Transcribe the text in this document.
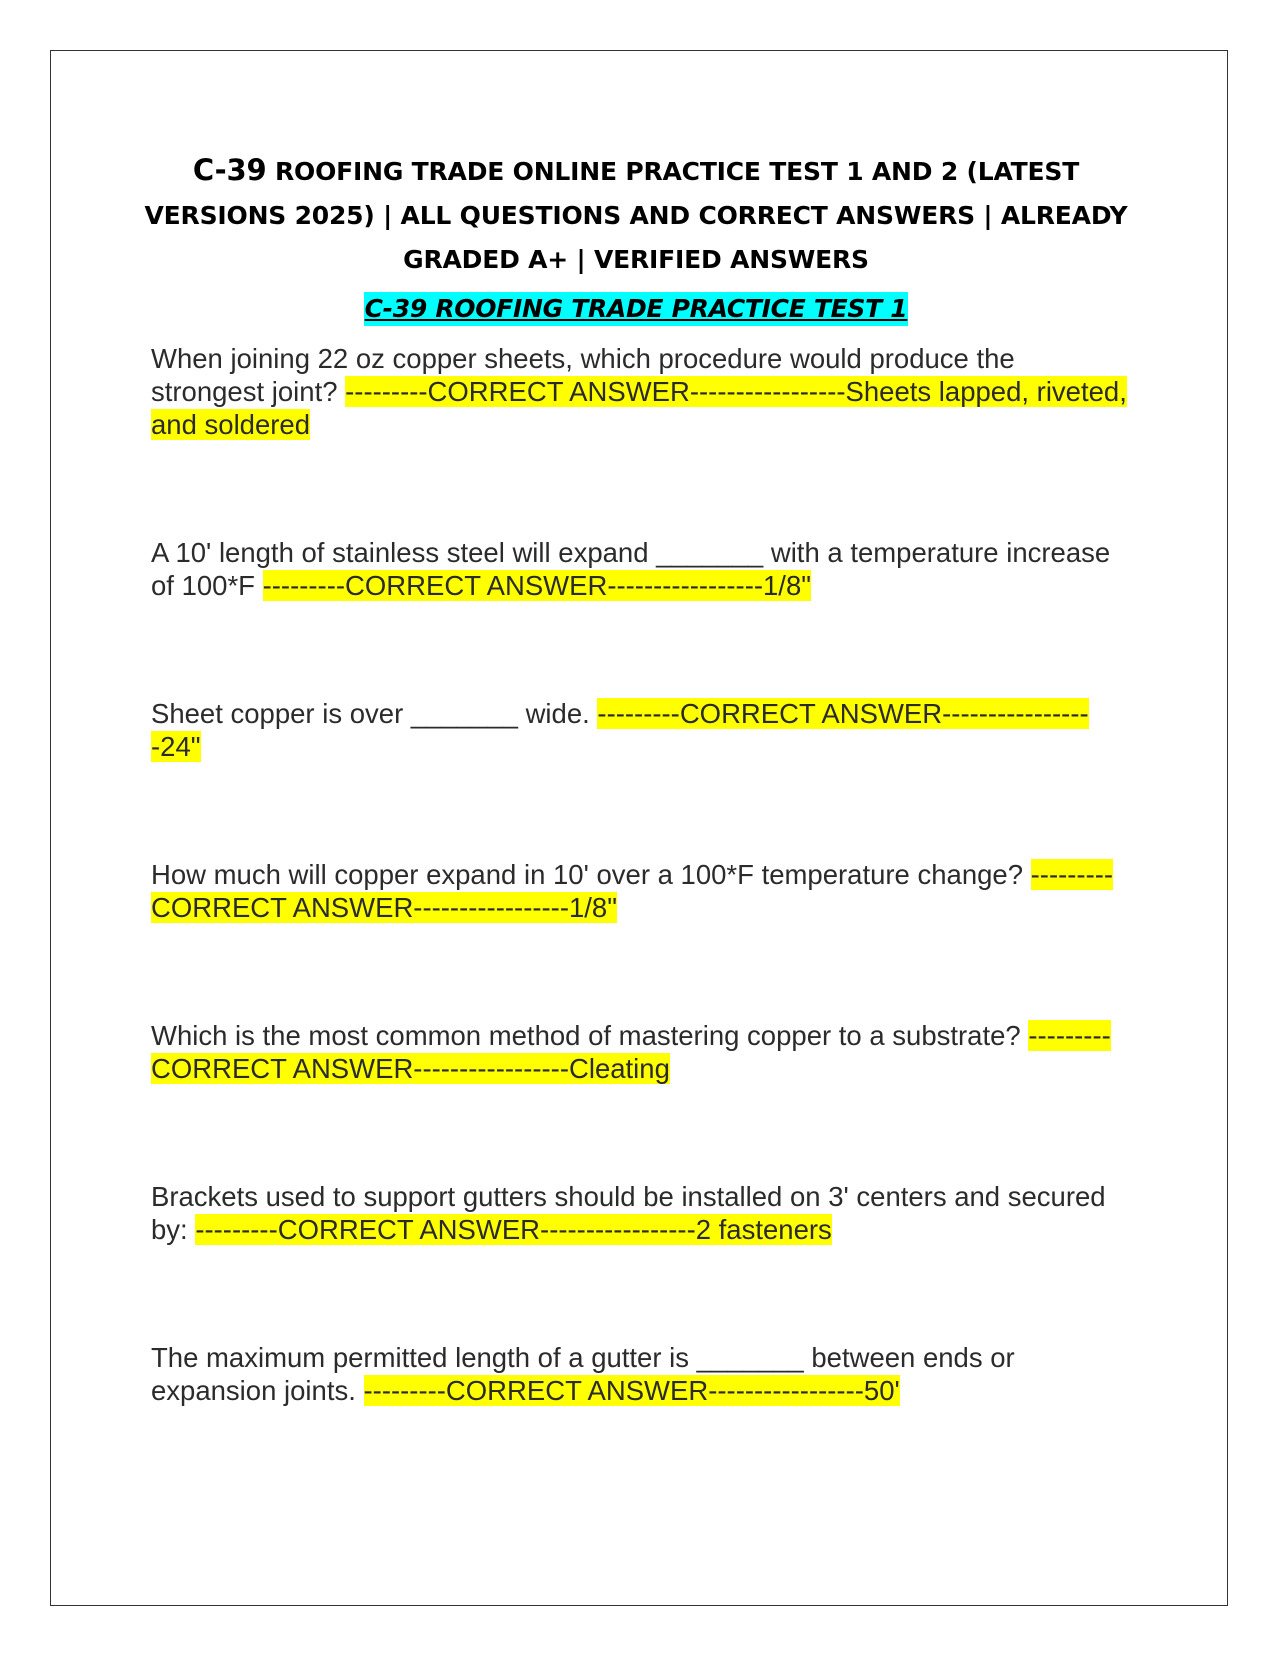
C-39 ROOFING TRADE ONLINE PRACTICE TEST 1 AND 2 (LATEST VERSIONS 2025) | ALL QUESTIONS AND CORRECT ANSWERS | ALREADY GRADED A+ | VERIFIED ANSWERS
C-39 ROOFING TRADE PRACTICE TEST 1

When joining 22 oz copper sheets, which procedure would produce the strongest joint? ---------CORRECT ANSWER-----------------Sheets lapped, riveted, and soldered

A 10' length of stainless steel will expand _______ with a temperature increase of 100*F ---------CORRECT ANSWER-----------------1/8"

Sheet copper is over _______ wide. ---------CORRECT ANSWER-----------------24"

How much will copper expand in 10' over a 100*F temperature change? ---------CORRECT ANSWER-----------------1/8"

Which is the most common method of mastering copper to a substrate? ---------CORRECT ANSWER-----------------Cleating

Brackets used to support gutters should be installed on 3' centers and secured by: ---------CORRECT ANSWER-----------------2 fasteners

The maximum permitted length of a gutter is _______ between ends or expansion joints. ---------CORRECT ANSWER-----------------50'
